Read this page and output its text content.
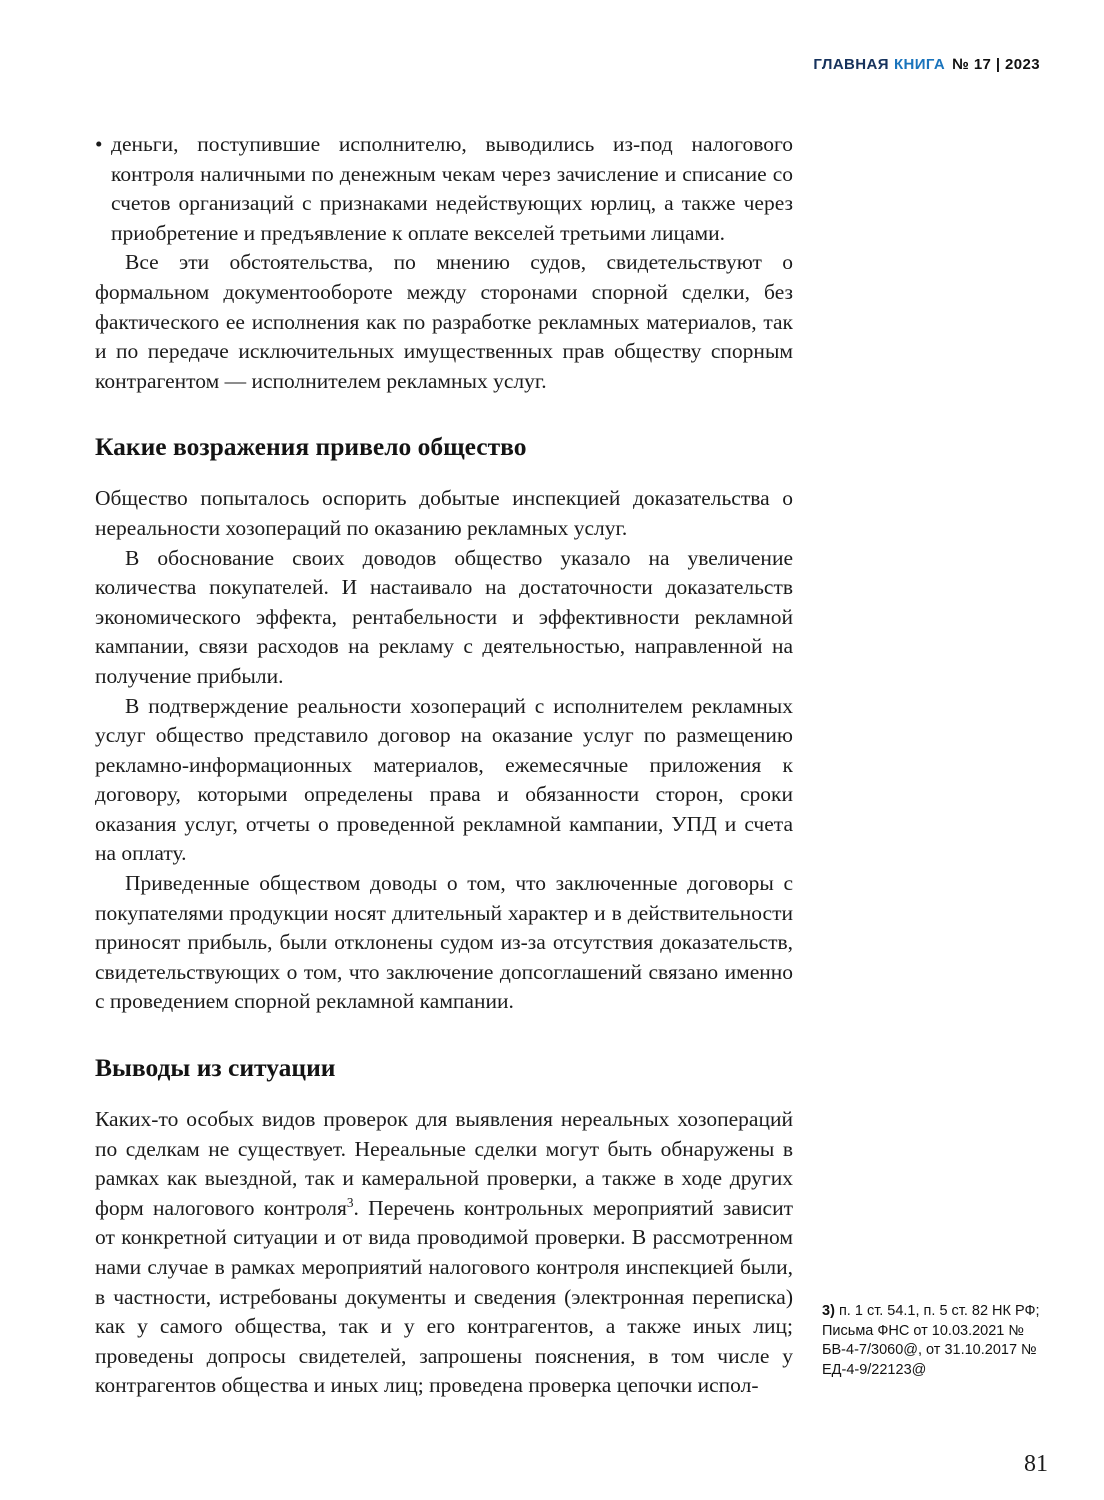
ГЛАВНАЯ КНИГА № 17 | 2023

• деньги, поступившие исполнителю, выводились из-под налогового контроля наличными по денежным чекам через зачисление и списание со счетов организаций с признаками недействующих юрлиц, а также через приобретение и предъявление к оплате векселей третьими лицами.

Все эти обстоятельства, по мнению судов, свидетельствуют о формальном документообороте между сторонами спорной сделки, без фактического ее исполнения как по разработке рекламных материалов, так и по передаче исключительных имущественных прав обществу спорным контрагентом — исполнителем рекламных услуг.

Какие возражения привело общество

Общество попыталось оспорить добытые инспекцией доказательства о нереальности хозопераций по оказанию рекламных услуг.

В обоснование своих доводов общество указало на увеличение количества покупателей. И настаивало на достаточности доказательств экономического эффекта, рентабельности и эффективности рекламной кампании, связи расходов на рекламу с деятельностью, направленной на получение прибыли.

В подтверждение реальности хозопераций с исполнителем рекламных услуг общество представило договор на оказание услуг по размещению рекламно-информационных материалов, ежемесячные приложения к договору, которыми определены права и обязанности сторон, сроки оказания услуг, отчеты о проведенной рекламной кампании, УПД и счета на оплату.

Приведенные обществом доводы о том, что заключенные договоры с покупателями продукции носят длительный характер и в действительности приносят прибыль, были отклонены судом из-за отсутствия доказательств, свидетельствующих о том, что заключение допсоглашений связано именно с проведением спорной рекламной кампании.

Выводы из ситуации

Каких-то особых видов проверок для выявления нереальных хозопераций по сделкам не существует. Нереальные сделки могут быть обнаружены в рамках как выездной, так и камеральной проверки, а также в ходе других форм налогового контроля$^3$. Перечень контрольных мероприятий зависит от конкретной ситуации и от вида проводимой проверки. В рассмотренном нами случае в рамках мероприятий налогового контроля инспекцией были, в частности, истребованы документы и сведения (электронная переписка) как у самого общества, так и у его контрагентов, а также иных лиц; проведены допросы свидетелей, запрошены пояснения, в том числе у контрагентов общества и иных лиц; проведена проверка цепочки испол-

3) п. 1 ст. 54.1, п. 5 ст. 82 НК РФ; Письма ФНС от 10.03.2021 № БВ-4-7/3060@, от 31.10.2017 № ЕД-4-9/22123@
81
